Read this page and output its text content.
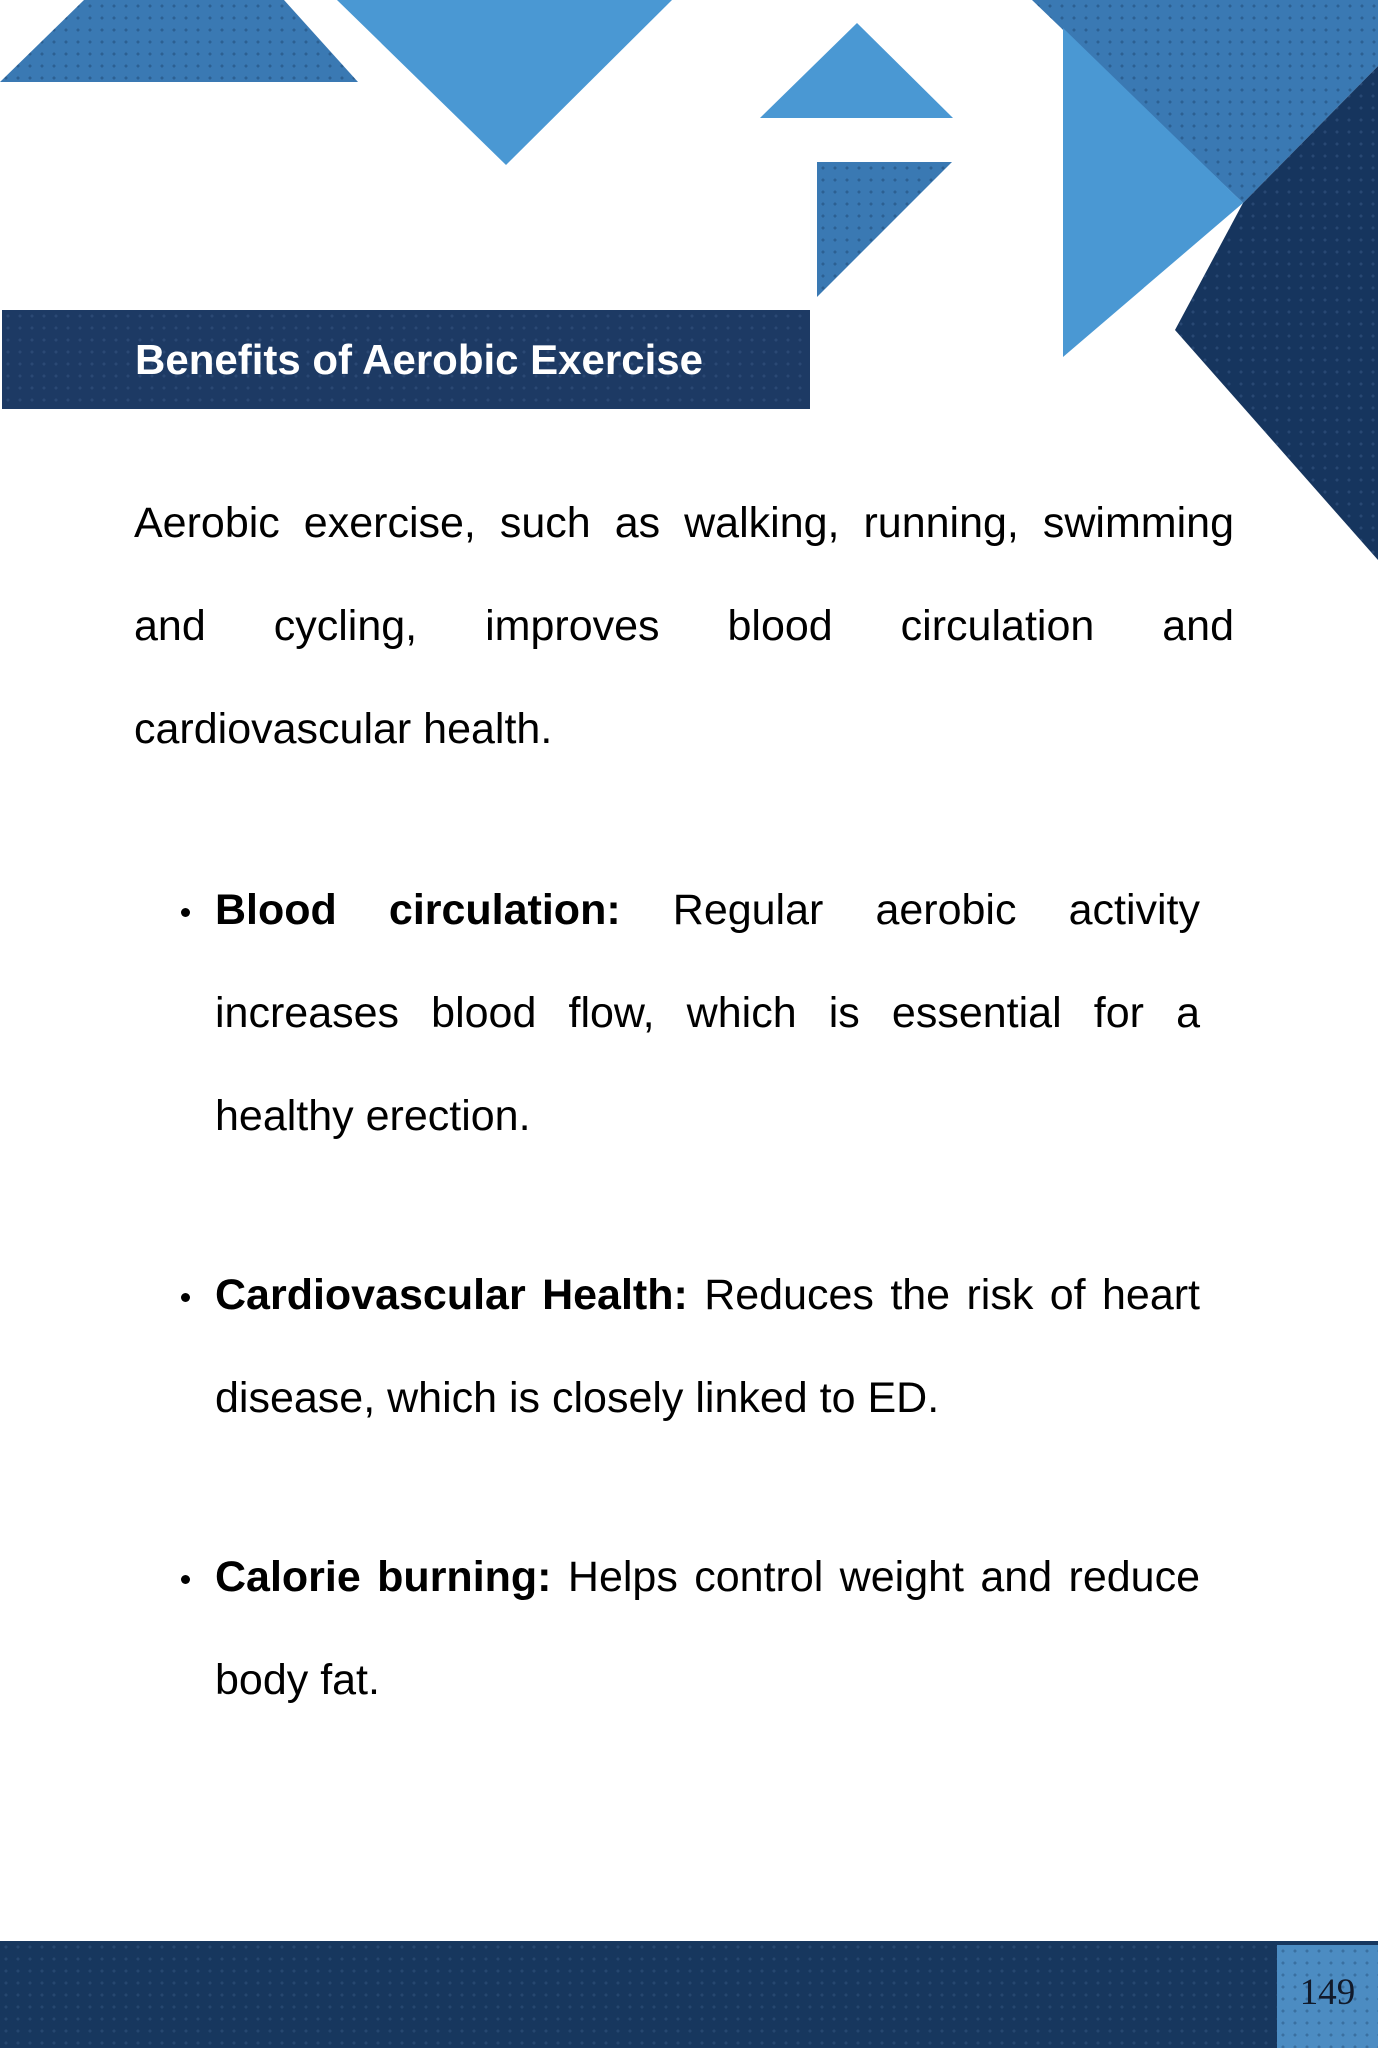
Benefits of Aerobic Exercise

Aerobic exercise, such as walking, running, swimming and cycling, improves blood circulation and cardiovascular health.

Blood circulation: Regular aerobic activity increases blood flow, which is essential for a healthy erection.
Cardiovascular Health: Reduces the risk of heart disease, which is closely linked to ED.
Calorie burning: Helps control weight and reduce body fat.
149
